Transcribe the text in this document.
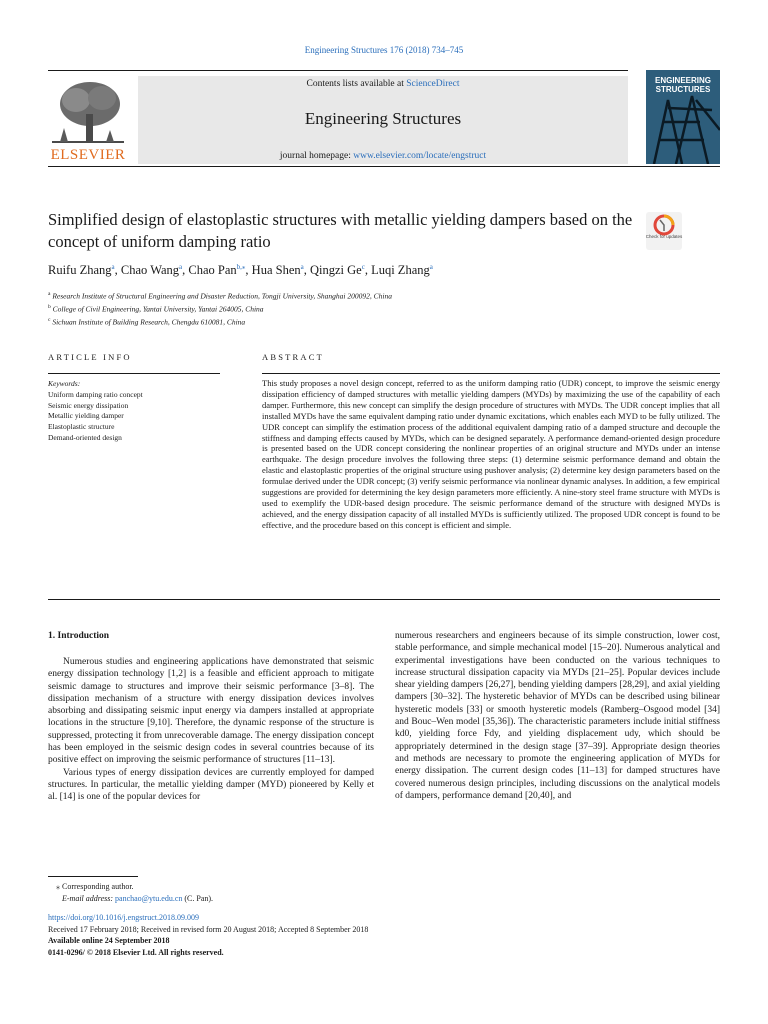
Engineering Structures 176 (2018) 734–745
ELSEVIER
Contents lists available at ScienceDirect
Engineering Structures
journal homepage: www.elsevier.com/locate/engstruct
ENGINEERING STRUCTURES
Simplified design of elastoplastic structures with metallic yielding dampers based on the concept of uniform damping ratio	Check for updates
Ruifu Zhang$^a$, Chao Wang$^a$, Chao Pan$^{b,⁎}$, Hua Shen$^a$, Qingzi Ge$^c$, Luqi Zhang$^a$
$^a$ Research Institute of Structural Engineering and Disaster Reduction, Tongji University, Shanghai 200092, China
$^b$ College of Civil Engineering, Yantai University, Yantai 264005, China
$^c$ Sichuan Institute of Building Research, Chengdu 610081, China
ARTICLE INFO	ABSTRACT
Keywords:
Uniform damping ratio concept
Seismic energy dissipation
Metallic yielding damper
Elastoplastic structure
Demand-oriented design
This study proposes a novel design concept, referred to as the uniform damping ratio (UDR) concept, to improve the seismic energy dissipation efficiency of damped structures with metallic yielding dampers (MYDs) by maximizing the use of the capability of each damper. Furthermore, this new concept can simplify the design procedure of structures with MYDs. The UDR concept implies that all installed MYDs have the same equivalent damping ratio under dynamic excitations, which enables each MYD to be fully utilized. The UDR concept can simplify the estimation process of the additional equivalent damping ratio of a damped structure and decouple the stiffness and damping effects caused by MYDs, which can be designed separately. A performance demand-oriented design procedure is presented based on the UDR concept considering the nonlinear properties of an original structure and MYDs under an intense earthquake. The design procedure involves the following three steps: (1) determine seismic performance demand and obtain the elastic and elastoplastic properties of the original structure using pushover analysis; (2) determine key design parameters based on the formulae derived under the UDR concept; (3) verify seismic performance via nonlinear dynamic analyses. In addition, a few empirical suggestions are provided for determining the key design parameters more efficiently. A nine-story steel frame structure with MYDs is used to exemplify the UDR-based design procedure. The seismic performance demand of the structure with designed MYDs is achieved, and the energy dissipation capacity of all installed MYDs is sufficiently utilized. The proposed UDR concept is found to be effective, and the procedure based on this concept is efficient and simple.
1. Introduction

Numerous studies and engineering applications have demonstrated that seismic energy dissipation technology [1,2] is a feasible and efficient approach to mitigate seismic damage to structures and improve their seismic performance [3–8]. The dissipation mechanism of a structure with energy dissipation devices involves absorbing and dissipating seismic input energy via dampers installed at appropriate locations in the structure [9,10]. Therefore, the dynamic response of the structure is suppressed, protecting it from unrecoverable damage. The energy dissipation concept has been employed in the seismic design codes in several countries because of its positive effect on improving the seismic performance of structures [11–13].

Various types of energy dissipation devices are currently employed for damped structures. In particular, the metallic yielding damper (MYD) pioneered by Kelly et al. [14] is one of the popular devices for

numerous researchers and engineers because of its simple construction, lower cost, stable performance, and simple mechanical model [15–20]. Numerous analytical and experimental investigations have been conducted on the various techniques to increase structural dissipation capacity via MYDs [21–25]. Popular devices include shear yielding dampers [26,27], bending yielding dampers [28,29], and axial yielding dampers [30–32]. The hysteretic behavior of MYDs can be described using bilinear hysteretic models [33] or smooth hysteretic models (Ramberg–Osgood model [34] and Bouc–Wen model [35,36]). The characteristic parameters include initial stiffness kd0, yielding force Fdy, and yielding displacement udy, which should be appropriately determined in the design stage [37–39]. Appropriate design theories and methods are necessary to promote the engineering application of MYDs for energy dissipation. The current design codes [11–13] for damped structures have covered numerous design principles, including discussions on the analytical models of dampers, performance demand [20,40], and

⁎ Corresponding author.
E-mail address: panchao@ytu.edu.cn (C. Pan).
https://doi.org/10.1016/j.engstruct.2018.09.009
Received 17 February 2018; Received in revised form 20 August 2018; Accepted 8 September 2018
Available online 24 September 2018
0141-0296/ © 2018 Elsevier Ltd. All rights reserved.
